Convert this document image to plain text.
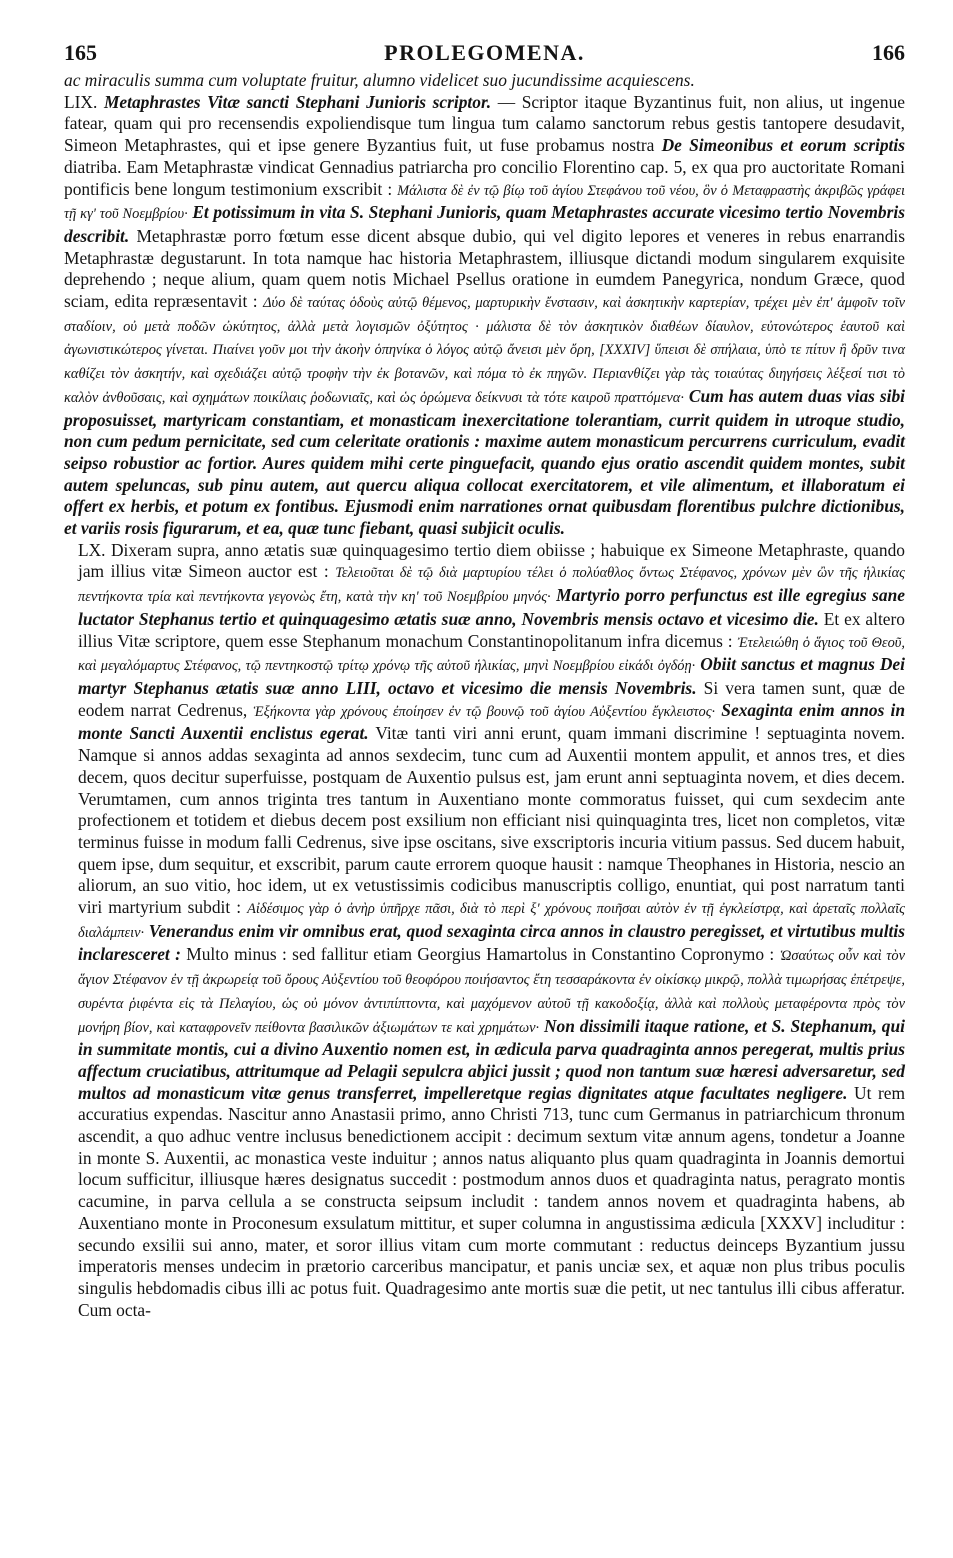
165	PROLEGOMENA.	166

ac miraculis summa cum voluptate fruitur, alumno videlicet suo jucundissime acquiescens.

LIX. Metaphrastes Vitæ sancti Stephani Junioris scriptor. — Scriptor itaque Byzantinus fuit, non alius, ut ingenue fatear, quam qui pro recensendis expoliendisque tum lingua tum calamo sanctorum rebus gestis tantopere desudavit, Simeon Metaphrastes, qui et ipse genere Byzantius fuit, ut fuse probamus nostra De Simeonibus et eorum scriptis diatriba. Eam Metaphrastæ vindicat Gennadius patriarcha pro concilio Florentino cap. 5, ex qua pro auctoritate Romani pontificis bene longum testimonium exscribit : Μάλιστα δὲ ἐν τῷ βίῳ τοῦ ἁγίου Στεφάνου τοῦ νέου, ὃν ὁ Μεταφραστὴς ἀκριβῶς γράφει τῇ κγ' τοῦ Νοεμβρίου· Et potissimum in vita S. Stephani Junioris, quam Metaphrastes accurate vicesimo tertio Novembris describit. Metaphrastæ porro fœtum esse dicent absque dubio, qui vel digito lepores et veneres in rebus enarrandis Metaphrastæ degustarunt. In tota namque hac historia Metaphrastem, illiusque dictandi modum singularem exquisite deprehendo ; neque alium, quam quem notis Michael Psellus oratione in eumdem Panegyrica, nondum Græce, quod sciam, edita repræsentavit : Δύο δὲ ταύτας ὁδοὺς αὐτῷ θέμενος, μαρτυρικὴν ἔνστασιν, καὶ ἀσκητικὴν καρτερίαν, τρέχει μὲν ἐπ' ἀμφοῖν τοῖν σταδίοιν, οὐ μετὰ ποδῶν ὠκύτητος, ἀλλὰ μετὰ λογισμῶν ὀξύτητος · μάλιστα δὲ τὸν ἀσκητικὸν διαθέων δίαυλον, εὐτονώτερος ἑαυτοῦ καὶ ἀγωνιστικώτερος γίνεται. Πιαίνει γοῦν μοι τὴν ἀκοὴν ὁπηνίκα ὁ λόγος αὐτῷ ἄνεισι μὲν ὄρη, [XXXIV] ὕπεισι δὲ σπήλαια, ὑπὸ τε πίτυν ἢ δρῦν τινα καθίζει τὸν ἀσκητήν, καὶ σχεδιάζει αὐτῷ τροφὴν τὴν ἐκ βοτανῶν, καὶ πόμα τὸ ἐκ πηγῶν. Περιανθίζει γὰρ τὰς τοιαύτας διηγήσεις λέξεσί τισι τὸ καλὸν ἀνθοῦσαις, καὶ σχημάτων ποικίλαις ῥοδωνιαῖς, καὶ ὡς ὁρώμενα δείκνυσι τὰ τότε καιροῦ πραττόμενα· Cum has autem duas vias sibi proposuisset, martyricam constantiam, et monasticam inexercitatione tolerantiam, currit quidem in utroque studio, non cum pedum pernicitate, sed cum celeritate orationis : maxime autem monasticum percurrens curriculum, evadit seipso robustior ac fortior. Aures quidem mihi certe pinguefacit, quando ejus oratio ascendit quidem montes, subit autem speluncas, sub pinu autem, aut quercu aliqua collocat exercitatorem, et vile alimentum, et illaboratum ei offert ex herbis, et potum ex fontibus. Ejusmodi enim narrationes ornat quibusdam florentibus pulchre dictionibus, et variis rosis figurarum, et ea, quæ tunc fiebant, quasi subjicit oculis.

LX. Dixeram supra, anno ætatis suæ quinquagesimo tertio diem obiisse ; habuique ex Simeone Metaphraste, quando jam illius vitæ Simeon auctor est : Τελειοῦται δὲ τῷ διὰ μαρτυρίου τέλει ὁ πολύαθλος ὄντως Στέφανος, χρόνων μὲν ὢν τῆς ἡλικίας πεντήκοντα τρία καὶ πεντήκοντα γεγονὼς ἔτη, κατὰ τὴν κη' τοῦ Νοεμβρίου μηνός· Martyrio porro perfunctus est ille egregius sane luctator Stephanus tertio et quinquagesimo ætatis suæ anno, Novembris mensis octavo et vicesimo die. Et ex altero illius Vitæ scriptore, quem esse Stephanum monachum Constantinopolitanum infra dicemus : Ἐτελειώθη ὁ ἅγιος τοῦ Θεοῦ, καὶ μεγαλόμαρτυς Στέφανος, τῷ πεντηκοστῷ τρίτῳ χρόνῳ τῆς αὐτοῦ ἡλικίας, μηνὶ Νοεμβρίου εἰκάδι ὀγδόῃ· Obiit sanctus et magnus Dei martyr Stephanus ætatis suæ anno LIII, octavo et vicesimo die mensis Novembris. Si vera tamen sunt, quæ de eodem narrat Cedrenus, Ἑξήκοντα γὰρ χρόνους ἐποίησεν ἐν τῷ βουνῷ τοῦ ἁγίου Αὐξεντίου ἔγκλειστος· Sexaginta enim annos in monte Sancti Auxentii enclistus egerat. Vitæ tanti viri anni erunt, quam immani discrimine ! septuaginta novem. Namque si annos addas sexaginta ad annos sexdecim, tunc cum ad Auxentii montem appulit, et annos tres, et dies decem, quos decitur superfuisse, postquam de Auxentio pulsus est, jam erunt anni septuaginta novem, et dies decem. Verumtamen, cum annos triginta tres tantum in Auxentiano monte commoratus fuisset, qui cum sexdecim ante profectionem et totidem et diebus decem post exsilium non efficiant nisi quinquaginta tres, licet non completos, vitæ terminus fuisse in modum falli Cedrenus, sive ipse oscitans, sive exscriptoris incuria vitium passus. Sed ducem habuit, quem ipse, dum sequitur, et exscribit, parum caute errorem quoque hausit : namque Theophanes in Historia, nescio an aliorum, an suo vitio, hoc idem, ut ex vetustissimis codicibus manuscriptis colligo, enuntiat, qui post narratum tanti viri martyrium subdit : Αἰδέσιμος γὰρ ὁ ἀνὴρ ὑπῆρχε πᾶσι, διὰ τὸ περὶ ξ' χρόνους ποιῆσαι αὐτὸν ἐν τῇ ἐγκλείστρᾳ, καὶ ἀρεταῖς πολλαῖς διαλάμπειν· Venerandus enim vir omnibus erat, quod sexaginta circa annos in claustro peregisset, et virtutibus multis inclaresceret : Multo minus : sed fallitur etiam Georgius Hamartolus in Constantino Copronymo : Ὡσαύτως οὖν καὶ τὸν ἅγιον Στέφανον ἐν τῇ ἀκρωρείᾳ τοῦ ὄρους Αὐξεντίου τοῦ θεοφόρου ποιήσαντος ἔτη τεσσαράκοντα ἐν οἰκίσκῳ μικρῷ, πολλὰ τιμωρήσας ἐπέτρεψε, συρέντα ῥιφέντα εἰς τὰ Πελαγίου, ὡς οὐ μόνον ἀντιπίπτοντα, καὶ μαχόμενον αὐτοῦ τῇ κακοδοξίᾳ, ἀλλὰ καὶ πολλοὺς μεταφέροντα πρὸς τὸν μονήρη βίον, καὶ καταφρονεῖν πείθοντα βασιλικῶν ἀξιωμάτων τε καὶ χρημάτων· Non dissimili itaque ratione, et S. Stephanum, qui in summitate montis, cui a divino Auxentio nomen est, in ædicula parva quadraginta annos peregerat, multis prius affectum cruciatibus, attritumque ad Pelagii sepulcra abjici jussit ; quod non tantum suæ hæresi adversaretur, sed multos ad monasticum vitæ genus transferret, impelleretque regias dignitates atque facultates negligere. Ut rem accuratius expendas. Nascitur anno Anastasii primo, anno Christi 713, tunc cum Germanus in patriarchicum thronum ascendit, a quo adhuc ventre inclusus benedictionem accipit : decimum sextum vitæ annum agens, tondetur a Joanne in monte S. Auxentii, ac monastica veste induitur ; annos natus aliquanto plus quam quadraginta in Joannis demortui locum sufficitur, illiusque hæres designatus succedit : postmodum annos duos et quadraginta natus, peragrato montis cacumine, in parva cellula a se constructa seipsum includit : tandem annos novem et quadraginta habens, ab Auxentiano monte in Proconesum exsulatum mittitur, et super columna in angustissima ædicula [XXXV] includitur : secundo exsilii sui anno, mater, et soror illius vitam cum morte commutant : reductus deinceps Byzantium jussu imperatoris menses undecim in prætorio carceribus mancipatur, et panis unciæ sex, et aquæ non plus tribus poculis singulis hebdomadis cibus illi ac potus fuit. Quadragesimo ante mortis suæ die petit, ut nec tantulus illi cibus afferatur. Cum octa-
